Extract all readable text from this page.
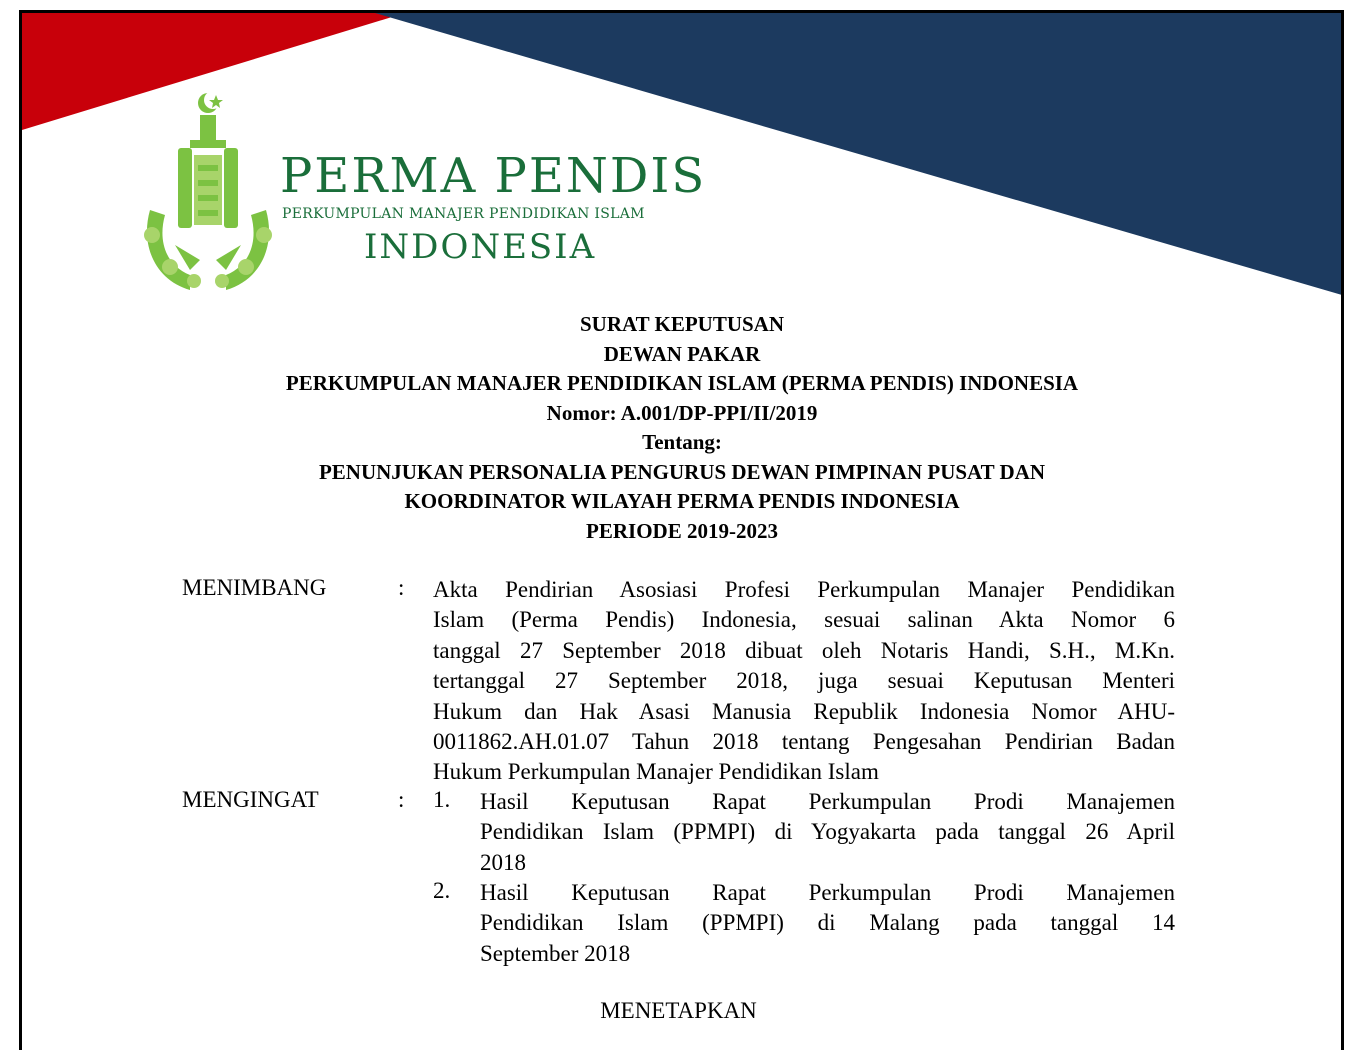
PERMA PENDIS
PERKUMPULAN MANAJER PENDIDIKAN ISLAM
INDONESIA
SURAT KEPUTUSAN
DEWAN PAKAR
PERKUMPULAN MANAJER PENDIDIKAN ISLAM (PERMA PENDIS) INDONESIA
Nomor: A.001/DP-PPI/II/2019
Tentang:
PENUNJUKAN PERSONALIA PENGURUS DEWAN PIMPINAN PUSAT DAN
KOORDINATOR WILAYAH PERMA PENDIS INDONESIA
PERIODE 2019-2023
MENIMBANG	: Akta Pendirian Asosiasi Profesi Perkumpulan Manajer Pendidikan
Islam (Perma Pendis) Indonesia, sesuai salinan Akta Nomor 6
tanggal 27 September 2018 dibuat oleh Notaris Handi, S.H., M.Kn.
tertanggal 27 September 2018, juga sesuai Keputusan Menteri
Hukum dan Hak Asasi Manusia Republik Indonesia Nomor AHU-
0011862.AH.01.07 Tahun 2018 tentang Pengesahan Pendirian Badan
Hukum Perkumpulan Manajer Pendidikan Islam
MENGINGAT	: 1. Hasil Keputusan Rapat Perkumpulan Prodi Manajemen
Pendidikan Islam (PPMPI) di Yogyakarta pada tanggal 26 April
2018
2. Hasil Keputusan Rapat Perkumpulan Prodi Manajemen
Pendidikan Islam (PPMPI) di Malang pada tanggal 14
September 2018
MENETAPKAN
